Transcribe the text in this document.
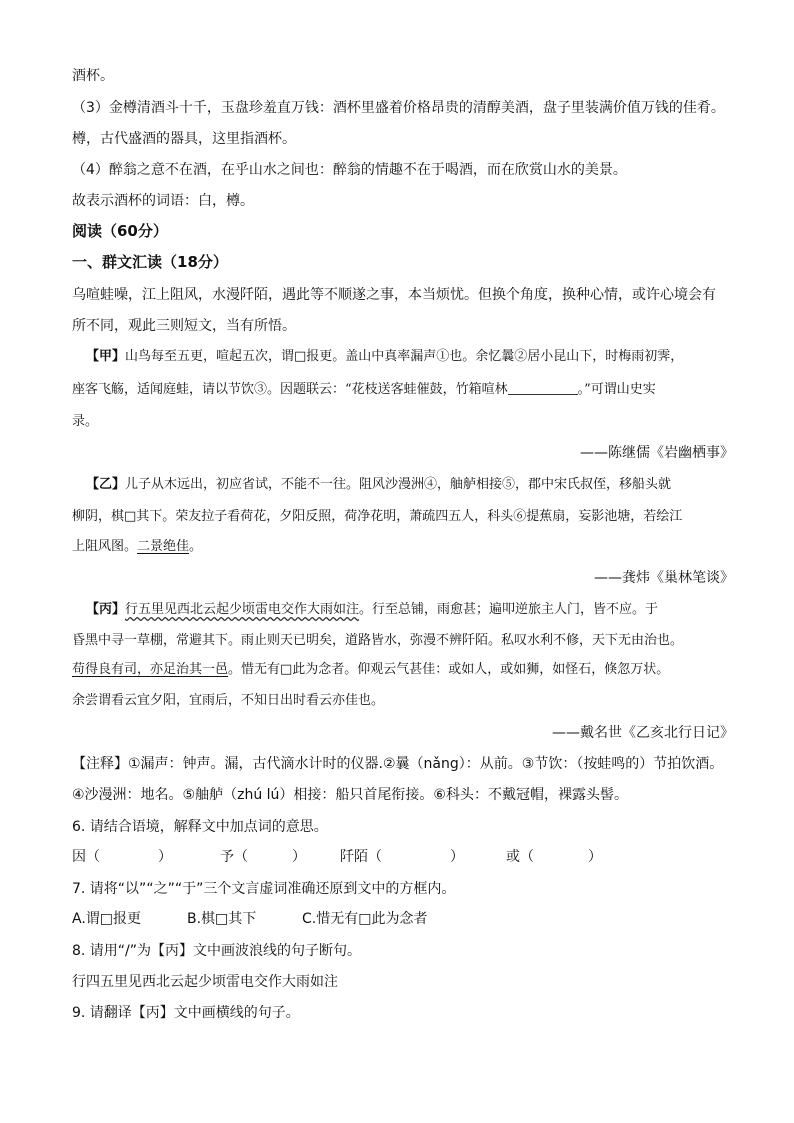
酒杯。
（3）金樽清酒斗十千，玉盘珍羞直万钱：酒杯里盛着价格昂贵的清醇美酒，盘子里装满价值万钱的佳肴。
樽，古代盛酒的器具，这里指酒杯。
（4）醉翁之意不在酒，在乎山水之间也：醉翁的情趣不在于喝酒，而在欣赏山水的美景。
故表示酒杯的词语：白，樽。
阅读（60分）
一、群文汇读（18分）
乌喧蛙噪，江上阻风，水漫阡陌，遇此等不顺遂之事，本当烦忧。但换个角度，换种心情，或许心境会有
所不同，观此三则短文，当有所悟。
【甲】山鸟每至五更，喧起五次，谓□报更。盖山中真率漏声①也。余忆曩②居小昆山下，时梅雨初霁，
座客飞觞，适闻庭蛙，请以节饮③。因题联云：“花枝送客蛙催鼓，竹箱喧林	。”可谓山史实
录。
——陈继儒《岩幽栖事》
【乙】儿子从木远出，初应省试，不能不一往。阻风沙漫洲④，舳舻相接⑤，郡中宋氏叔侄，移船头就
柳阴，棋□其下。荣友拉子看荷花，夕阳反照，荷净花明，萧疏四五人，科头⑥提蕉扇，妄影池塘，若绘江
上阻风图。二景绝佳。
——龚炜《巢林笔谈》
【丙】行五里见西北云起少顷雷电交作大雨如注。行至总铺，雨愈甚；遍叩逆旅主人门，皆不应。于
昏黑中寻一草棚，常避其下。雨止则天已明矣，道路皆水，弥漫不辨阡陌。私叹水利不修，天下无由治也。
苟得良有司，亦足治其一邑。惜无有□此为念者。仰观云气甚佳：或如人，或如狮，如怪石，倏忽万状。
余尝谓看云宜夕阳，宜雨后，不知日出时看云亦佳也。
——戴名世《乙亥北行日记》
【注释】①漏声：钟声。漏，古代滴水计时的仪器.②曩（nǎng）：从前。③节饮：（按蛙鸣的）节拍饮酒。
④沙漫洲：地名。⑤舳舻（zhú lú）相接：船只首尾衔接。⑥科头：不戴冠帽，裸露头髻。
6. 请结合语境，解释文中加点词的意思。
因（	）	予（	） 阡陌（	）	或（	）
7. 请将“以”“之”“于”三个文言虚词准确还原到文中的方框内。
A.谓□报更	B.棋□其下	C.惜无有□此为念者
8. 请用“/”为【丙】文中画波浪线的句子断句。
行四五里见西北云起少顷雷电交作大雨如注
9. 请翻译【丙】文中画横线的句子。
